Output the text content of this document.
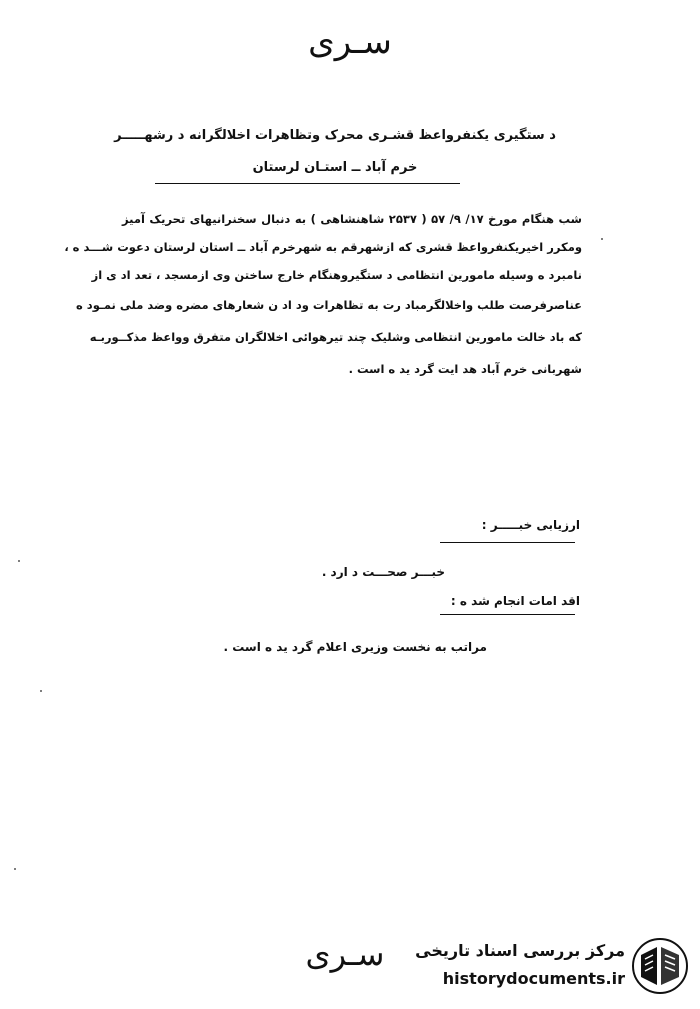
سـری
د ستگیری یکنفرواعظ قشـری محرک وتظاهرات اخلالگرانه د رشهـــــر
خرم آباد ــ استـان لرستان
شب هنگام مورخ ۱۷/ ۹/ ۵۷ ( ۲۵۳۷ شاهنشاهی ) به دنبال سخنرانیهای تحریک آمیز
ومکرر اخیریکنفرواعظ قشری که ازشهرقم به شهرخرم آباد ــ استان لرستان دعوت شـــد ه ،
نامبرد ه وسیله مامورین انتظامی د ستگیروهنگام خارج ساختن وی ازمسجد ، تعد اد ی از
عناصرفرصت طلب واخلالگرمباد رت به تظاهرات ود اد ن شعارهای مضره وضد ملی نمـود ه
که باد خالت مامورین انتظامی وشلیک چند تیرهوائی اخلالگران متفرق وواعظ مذکــوربـه
شهربانی خرم آباد هد ایت گرد ید ه است .
ارزیابی خبـــــر :
خبـــر صحـــت د ارد .
اقد امات انجام شد ه :
مراتب به نخست وزیری اعلام گرد ید ه است .
سـری	مرکز بررسی اسناد تاریخی
historydocuments.ir
